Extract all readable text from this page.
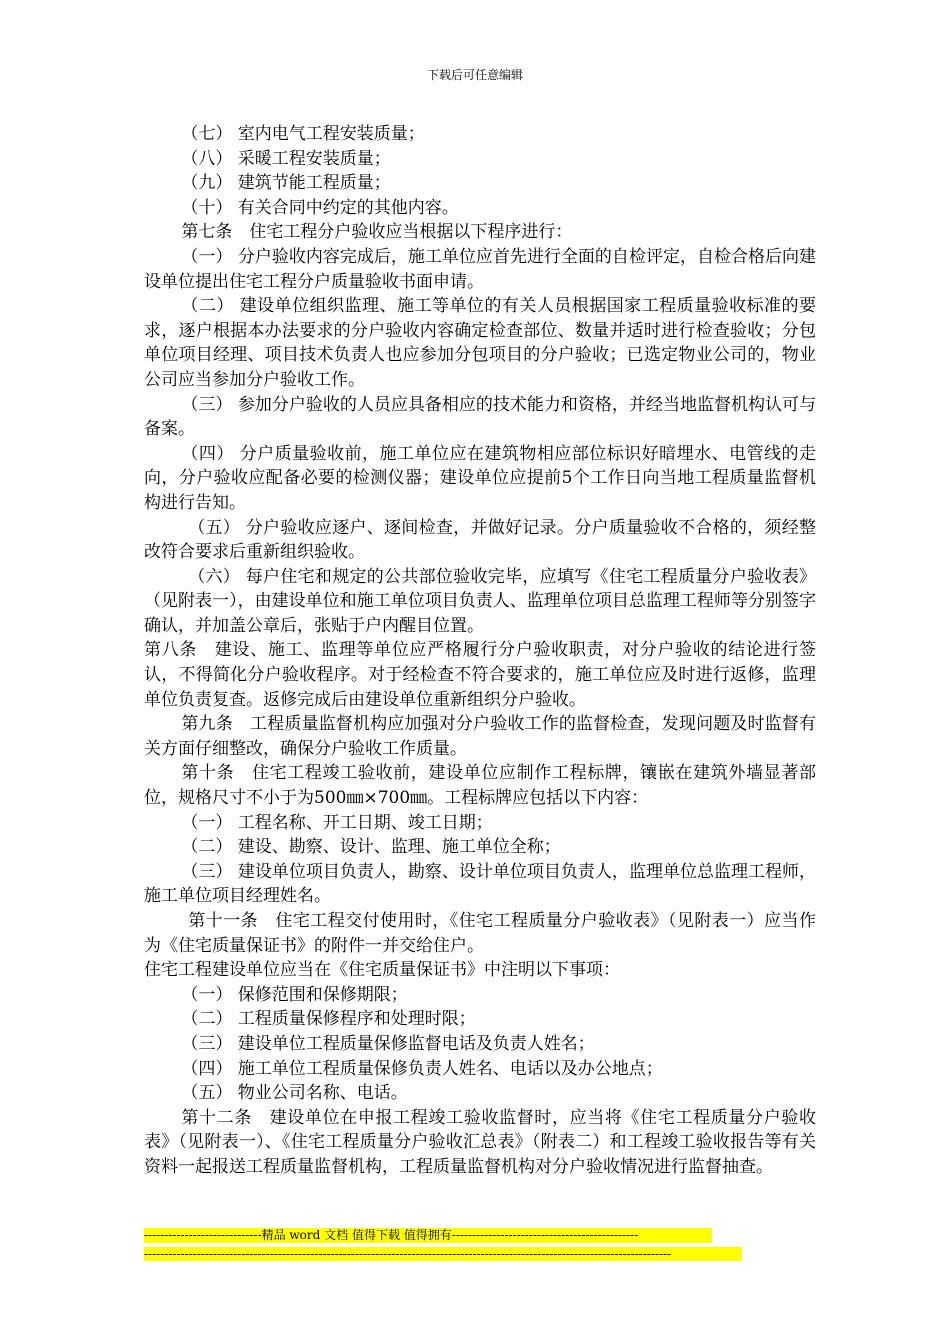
下载后可任意编辑

（七） 室内电气工程安装质量；

（八） 采暖工程安装质量；

（九） 建筑节能工程质量；

（十） 有关合同中约定的其他内容。

第七条　住宅工程分户验收应当根据以下程序进行：

（一） 分户验收内容完成后，施工单位应首先进行全面的自检评定，自检合格后向建设单位提出住宅工程分户质量验收书面申请。

（二） 建设单位组织监理、施工等单位的有关人员根据国家工程质量验收标准的要求，逐户根据本办法要求的分户验收内容确定检查部位、数量并适时进行检查验收；分包单位项目经理、项目技术负责人也应参加分包项目的分户验收；已选定物业公司的，物业公司应当参加分户验收工作。

（三） 参加分户验收的人员应具备相应的技术能力和资格，并经当地监督机构认可与备案。

（四） 分户质量验收前，施工单位应在建筑物相应部位标识好暗埋水、电管线的走向，分户验收应配备必要的检测仪器；建设单位应提前5个工作日向当地工程质量监督机构进行告知。

（五） 分户验收应逐户、逐间检查，并做好记录。分户质量验收不合格的，须经整改符合要求后重新组织验收。

（六） 每户住宅和规定的公共部位验收完毕，应填写《住宅工程质量分户验收表》（见附表一），由建设单位和施工单位项目负责人、监理单位项目总监理工程师等分别签字确认，并加盖公章后，张贴于户内醒目位置。

第八条　建设、施工、监理等单位应严格履行分户验收职责，对分户验收的结论进行签认，不得简化分户验收程序。对于经检查不符合要求的，施工单位应及时进行返修，监理单位负责复查。返修完成后由建设单位重新组织分户验收。

第九条　工程质量监督机构应加强对分户验收工作的监督检查，发现问题及时监督有关方面仔细整改，确保分户验收工作质量。

第十条　住宅工程竣工验收前，建设单位应制作工程标牌，镶嵌在建筑外墙显著部位，规格尺寸不小于为500㎜×700㎜。工程标牌应包括以下内容：

（一） 工程名称、开工日期、竣工日期；

（二） 建设、勘察、设计、监理、施工单位全称；

（三） 建设单位项目负责人，勘察、设计单位项目负责人，监理单位总监理工程师，施工单位项目经理姓名。

第十一条　住宅工程交付使用时，《住宅工程质量分户验收表》（见附表一）应当作为《住宅质量保证书》的附件一并交给住户。

住宅工程建设单位应当在《住宅质量保证书》中注明以下事项：

（一） 保修范围和保修期限；

（二） 工程质量保修程序和处理时限；

（三） 建设单位工程质量保修监督电话及负责人姓名；

（四） 施工单位工程质量保修负责人姓名、电话以及办公地点；

（五） 物业公司名称、电话。

第十二条　建设单位在申报工程竣工验收监督时，应当将《住宅工程质量分户验收表》（见附表一）、《住宅工程质量分户验收汇总表》（附表二）和工程竣工验收报告等有关资料一起报送工程质量监督机构，工程质量监督机构对分户验收情况进行监督抽查。

-----------------------------精品 word 文档 值得下载 值得拥有----------------------------------------------
----------------------------------------------------------------------------------------------------------------------------------
